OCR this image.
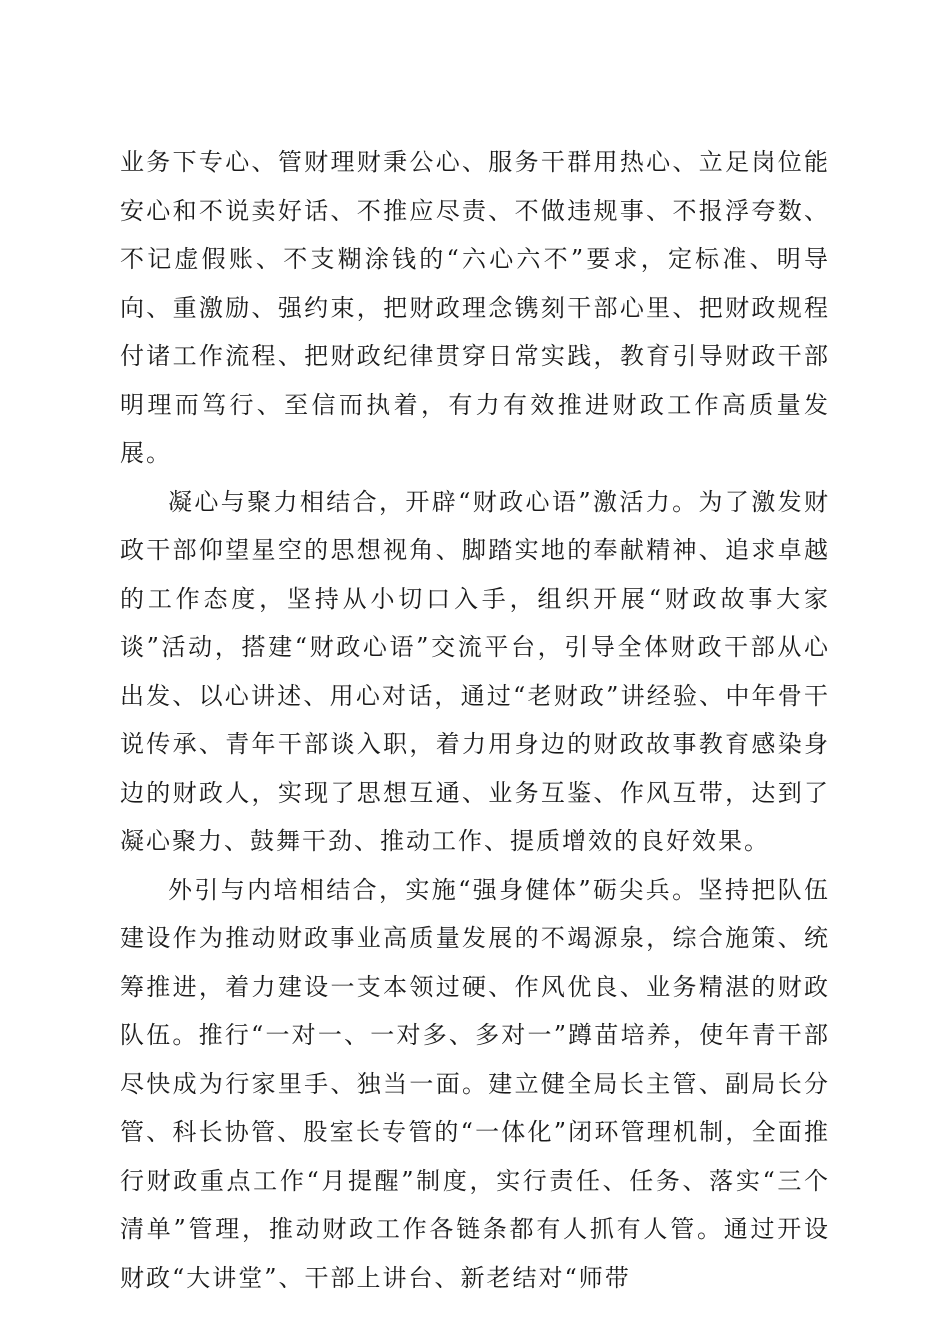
业务下专心、管财理财秉公心、服务干群用热心、立足岗位能安心和不说卖好话、不推应尽责、不做违规事、不报浮夸数、不记虚假账、不支糊涂钱的“六心六不”要求，定标准、明导向、重激励、强约束，把财政理念镌刻干部心里、把财政规程付诸工作流程、把财政纪律贯穿日常实践，教育引导财政干部明理而笃行、至信而执着，有力有效推进财政工作高质量发展。

凝心与聚力相结合，开辟“财政心语”激活力。为了激发财政干部仰望星空的思想视角、脚踏实地的奉献精神、追求卓越的工作态度，坚持从小切口入手，组织开展“财政故事大家谈”活动，搭建“财政心语”交流平台，引导全体财政干部从心出发、以心讲述、用心对话，通过“老财政”讲经验、中年骨干说传承、青年干部谈入职，着力用身边的财政故事教育感染身边的财政人，实现了思想互通、业务互鉴、作风互带，达到了凝心聚力、鼓舞干劲、推动工作、提质增效的良好效果。

外引与内培相结合，实施“强身健体”砺尖兵。坚持把队伍建设作为推动财政事业高质量发展的不竭源泉，综合施策、统筹推进，着力建设一支本领过硬、作风优良、业务精湛的财政队伍。推行“一对一、一对多、多对一”蹲苗培养，使年青干部尽快成为行家里手、独当一面。建立健全局长主管、副局长分管、科长协管、股室长专管的“一体化”闭环管理机制，全面推行财政重点工作“月提醒”制度，实行责任、任务、落实“三个清单”管理，推动财政工作各链条都有人抓有人管。通过开设财政“大讲堂”、干部上讲台、新老结对“师带
